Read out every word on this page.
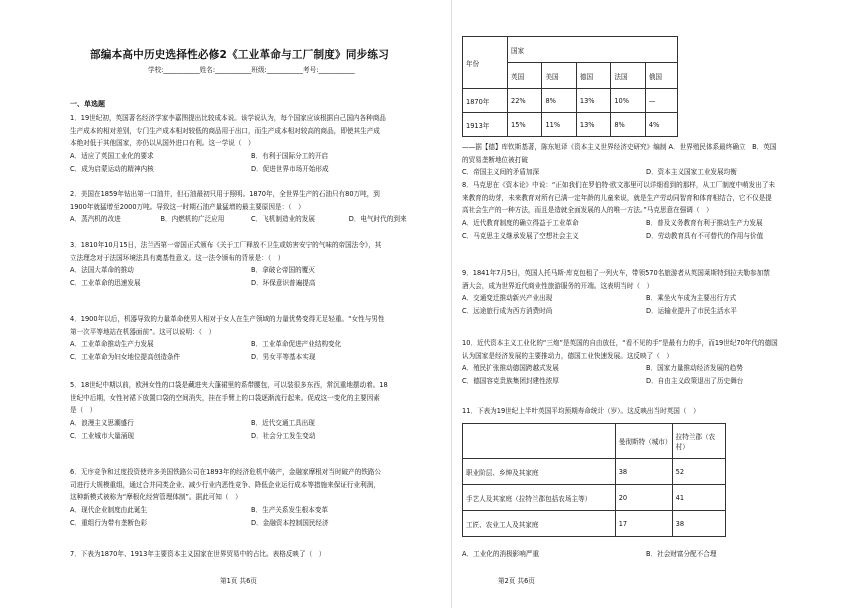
部编本高中历史选择性必修2《工业革命与工厂制度》同步练习
学校:___________姓名:___________班级:___________考号:___________
一、单选题

1．19世纪初，英国著名经济学家李嘉图提出比较成本说。该学说认为，每个国家应该根据自己国内各种商品

生产成本的相对差别，专门生产成本相对较低的商品用于出口，而生产成本相对较高的商品，即使其生产成

本绝对低于其他国家，亦仍以从国外进口有利。这一学说（　）

A．适应了英国工业化的要求	B．有利于国际分工的开启
C．成为启蒙运动的精神内核	D．促进世界市场开始形成

2．美国在1859年钻出第一口油井，但石油最初只用于照明。1870年，全世界生产的石油只有80万吨，到

1900年就猛增至2000万吨。导致这一时期石油产量猛增的最主要原因是：（　）

A．蒸汽机的改进	B．内燃机的广泛应用	C．飞机制造业的发展	D．电气时代的到来

3．1810年10月15日，法兰西第一帝国正式颁布《关于工厂释放不卫生或妨害安宁的气味的帝国法令》，其

立法理念对于法国环境法具有奠基性意义。这一法令颁布的背景是：（　）

A．法国大革命的推动	B．拿破仑帝国的覆灭
C．工业革命的迅速发展	D．环保意识普遍提高

4．1900年以后，机器导致的力量革命使男人相对于女人在生产领域的力量优势变得无足轻重。“女性与男性

第一次平等地站在机器面前”。这可以说明：（　）

A．工业革命推动生产力发展	B．工业革命促进产业结构变化
C．工业革命为妇女地位提高创造条件	D．男女平等基本实现

5．18世纪中期以前，欧洲女性的口袋是藏进夹大蓬裙里的系带腰包，可以装很多东西，常沉重地摆动着。18

世纪中后期，女性衬裙下放置口袋的空间消失，挂在手臂上的口袋逐渐流行起来。促成这一变化的主要因素

是（　）

A．浪漫主义思潮盛行	B．近代交通工具出现
C．工业城市大量涌现	D．社会分工发生变动

6．无序竞争和过度投资使许多美国铁路公司在1893年的经济危机中破产，金融家摩根对当时破产的铁路公

司进行大规模重组，通过合并同类企业、减少行业内恶性竞争、降低企业运行成本等措施来保证行业利润，

这种新模式被称为“摩根化经营管理体制”。据此可知（　）

A．现代企业制度由此诞生	B．生产关系发生根本变革
C．重组行为带有垄断色彩	D．金融资本控制国民经济

7．下表为1870年、1913年主要资本主义国家在世界贸易中的占比。表格反映了（　）

第1页 共6页
年份	国家				
	英国	美国	德国	法国	俄国
1870年	22%	8%	13%	10%	—
1913年	15%	11%	13%	8%	4%

——据【德】库钦斯基著，陈东旭译《资本主义世界经济史研究》编制 A．世界殖民体系最终确立　B．英国

的贸易垄断地位被打破

C．帝国主义间的矛盾加深	D．资本主义国家工业发展均衡

8．马克思在《资本论》中说：“正如我们在罗伯特·欧文那里可以详细看到的那样，从工厂制度中萌发出了未

来教育的幼芽，未来教育对所有已满一定年龄的儿童来说，就是生产劳动同智育和体育相结合，它不仅是提

高社会生产的一种方法，而且是造就全面发展的人的唯一方法。”马克思意在强调（　）

A．近代教育制度的确立得益于工业革命	B．普及义务教育有利于推动生产力发展
C．马克思主义继承发展了空想社会主义	D．劳动教育具有不可替代的作用与价值

9．1841年7月5日，英国人托马斯·库克包租了一列火车，带领570名旅游者从英国莱斯特到拉夫勒参加禁

酒大会，成为世界近代商业性旅游服务的开端。这表明当时（　）

A．交通变迁推动新兴产业出现	B．乘坐火车成为主要出行方式
C．远途旅行成为西方消费时尚	D．运输业提升了市民生活水平

10．近代资本主义工业化的“三炮”是英国的自由放任，“看不见的手”是最有力的手，而19世纪70年代的德国

认为国家是经济发展的主要推动力，德国工业快速发展。这反映了（　）

A．殖民扩张推动德国跨越式发展	B．国家力量推动经济发展的趋势
C．德国容克贵族集团封建性浓厚	D．自由主义政策退出了历史舞台

11．下表为19世纪上半叶英国平均预期寿命统计（岁）。这反映出当时英国（　）

	曼彻斯特（城市）	拉特兰郡（农村）
职业阶层、乡绅及其家庭	38	52
手艺人及其家庭（拉特兰郡包括农场主等）	20	41
工匠、农业工人及其家庭	17	38
A．工业化的消极影响严重	B．社会财富分配不合理
第2页 共6页
